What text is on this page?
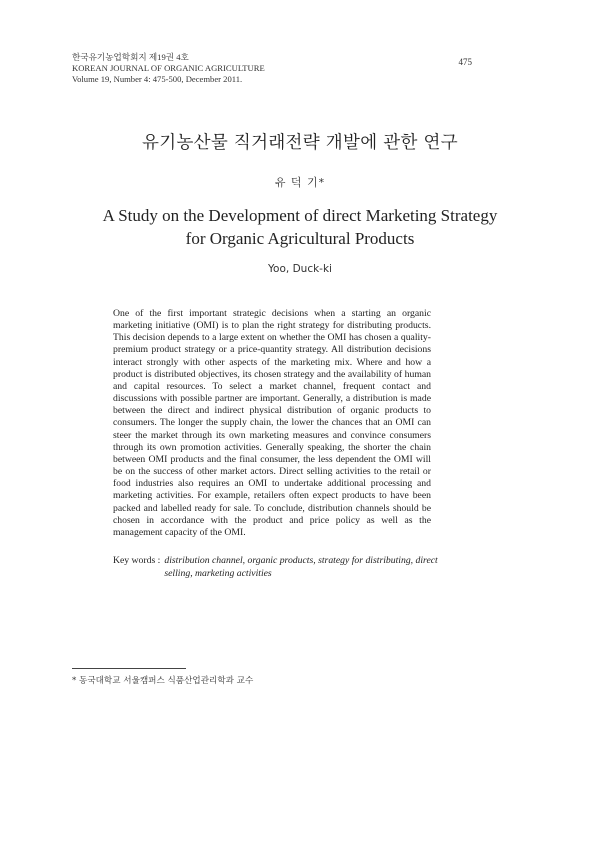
한국유기농업학회지 제19권 4호
KOREAN JOURNAL OF ORGANIC AGRICULTURE
Volume 19, Number 4: 475-500, December 2011.
475
유기농산물 직거래전략 개발에 관한 연구
유 덕 기*
A Study on the Development of direct Marketing Strategy
for Organic Agricultural Products
Yoo, Duck-ki
One of the first important strategic decisions when a starting an organic marketing initiative (OMI) is to plan the right strategy for distributing products. This decision depends to a large extent on whether the OMI has chosen a quality-premium product strategy or a price-quantity strategy. All distribution decisions interact strongly with other aspects of the marketing mix. Where and how a product is distributed objectives, its chosen strategy and the availability of human and capital resources. To select a market channel, frequent contact and discussions with possible partner are important. Generally, a distribution is made between the direct and indirect physical distribution of organic products to consumers. The longer the supply chain, the lower the chances that an OMI can steer the market through its own marketing measures and convince consumers through its own promotion activities. Generally speaking, the shorter the chain between OMI products and the final consumer, the less dependent the OMI will be on the success of other market actors. Direct selling activities to the retail or food industries also requires an OMI to undertake additional processing and marketing activities. For example, retailers often expect products to have been packed and labelled ready for sale. To conclude, distribution channels should be chosen in accordance with the product and price policy as well as the management capacity of the OMI.
Key words : distribution channel, organic products, strategy for distributing, direct selling, marketing activities
* 동국대학교 서울캠퍼스 식품산업관리학과 교수
